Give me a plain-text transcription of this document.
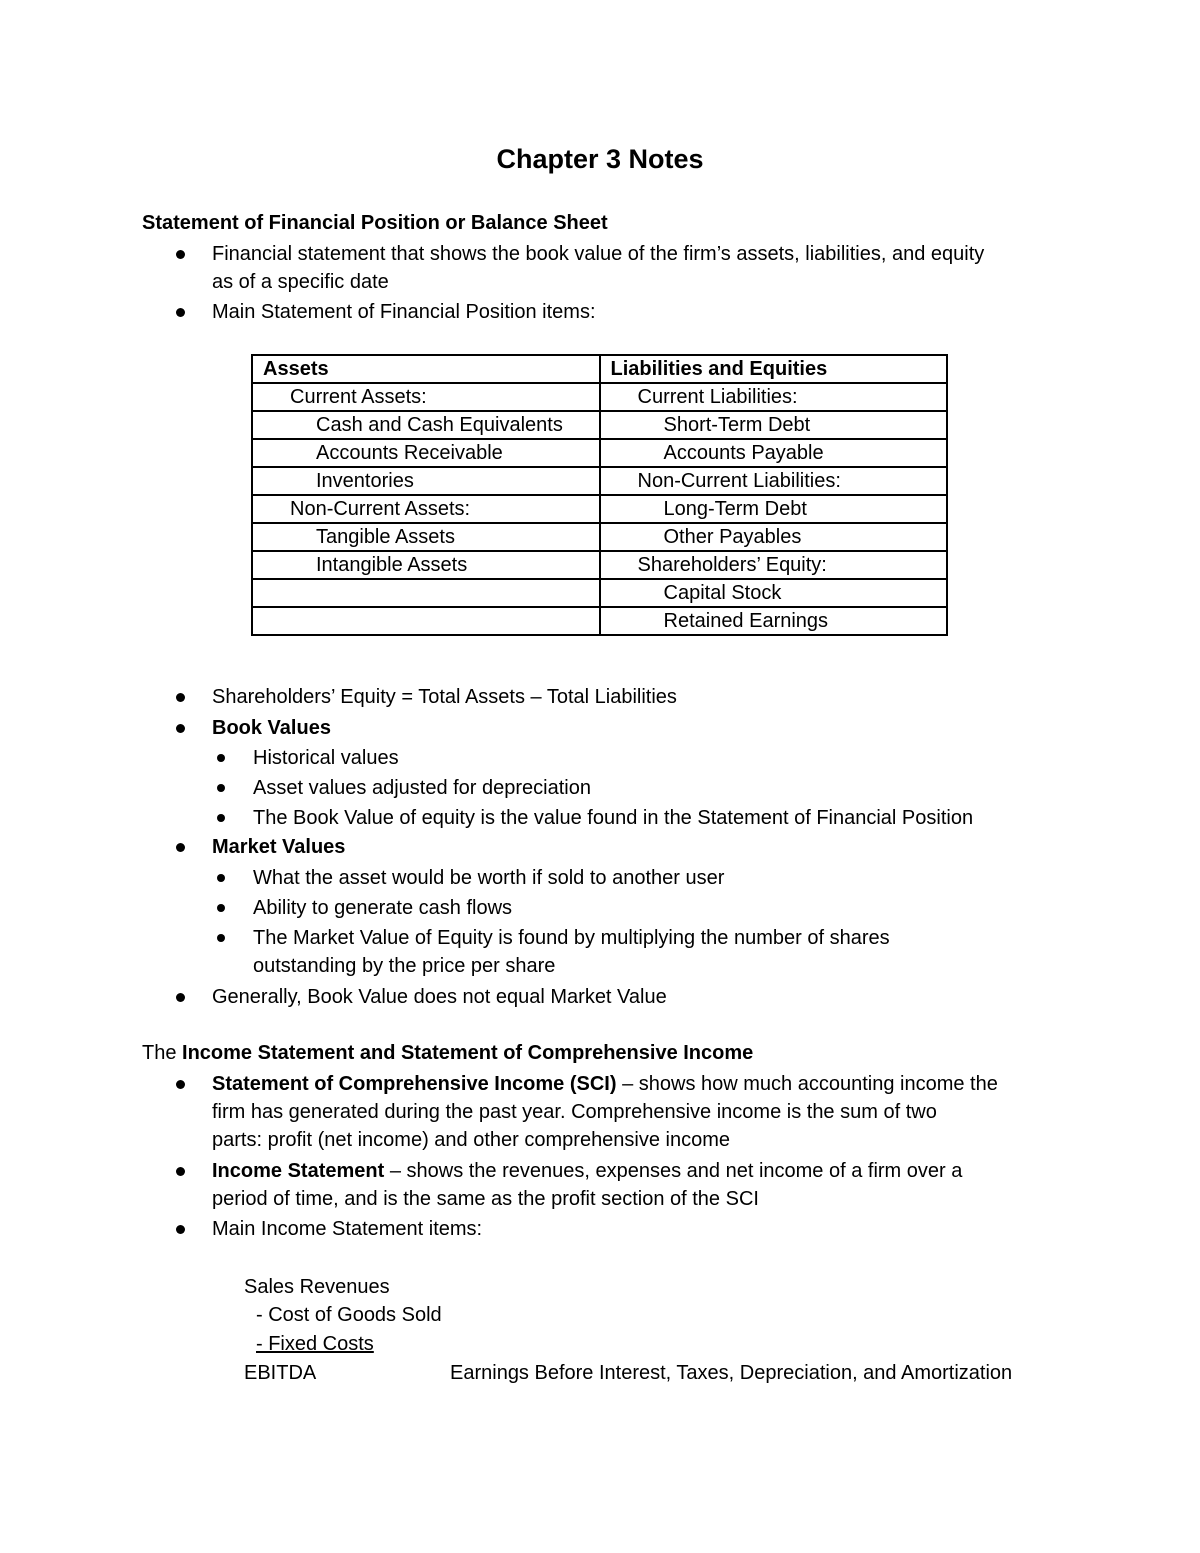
Chapter 3 Notes
Statement of Financial Position or Balance Sheet
Financial statement that shows the book value of the firm’s assets, liabilities, and equity
as of a specific date
Main Statement of Financial Position items:
Assets	Liabilities and Equities
Current Assets:	Current Liabilities:
Cash and Cash Equivalents	Short-Term Debt
Accounts Receivable	Accounts Payable
Inventories	Non-Current Liabilities:
Non-Current Assets:	Long-Term Debt
Tangible Assets	Other Payables
Intangible Assets	Shareholders’ Equity:
	Capital Stock
	Retained Earnings
Shareholders’ Equity = Total Assets – Total Liabilities
Book Values
Historical values
Asset values adjusted for depreciation
The Book Value of equity is the value found in the Statement of Financial Position
Market Values
What the asset would be worth if sold to another user
Ability to generate cash flows
The Market Value of Equity is found by multiplying the number of shares
outstanding by the price per share
Generally, Book Value does not equal Market Value
The Income Statement and Statement of Comprehensive Income
Statement of Comprehensive Income (SCI) – shows how much accounting income the
firm has generated during the past year. Comprehensive income is the sum of two
parts: profit (net income) and other comprehensive income
Income Statement – shows the revenues, expenses and net income of a firm over a
period of time, and is the same as the profit section of the SCI
Main Income Statement items:
Sales Revenues
- Cost of Goods Sold
- Fixed Costs
EBITDA	Earnings Before Interest, Taxes, Depreciation, and Amortization
